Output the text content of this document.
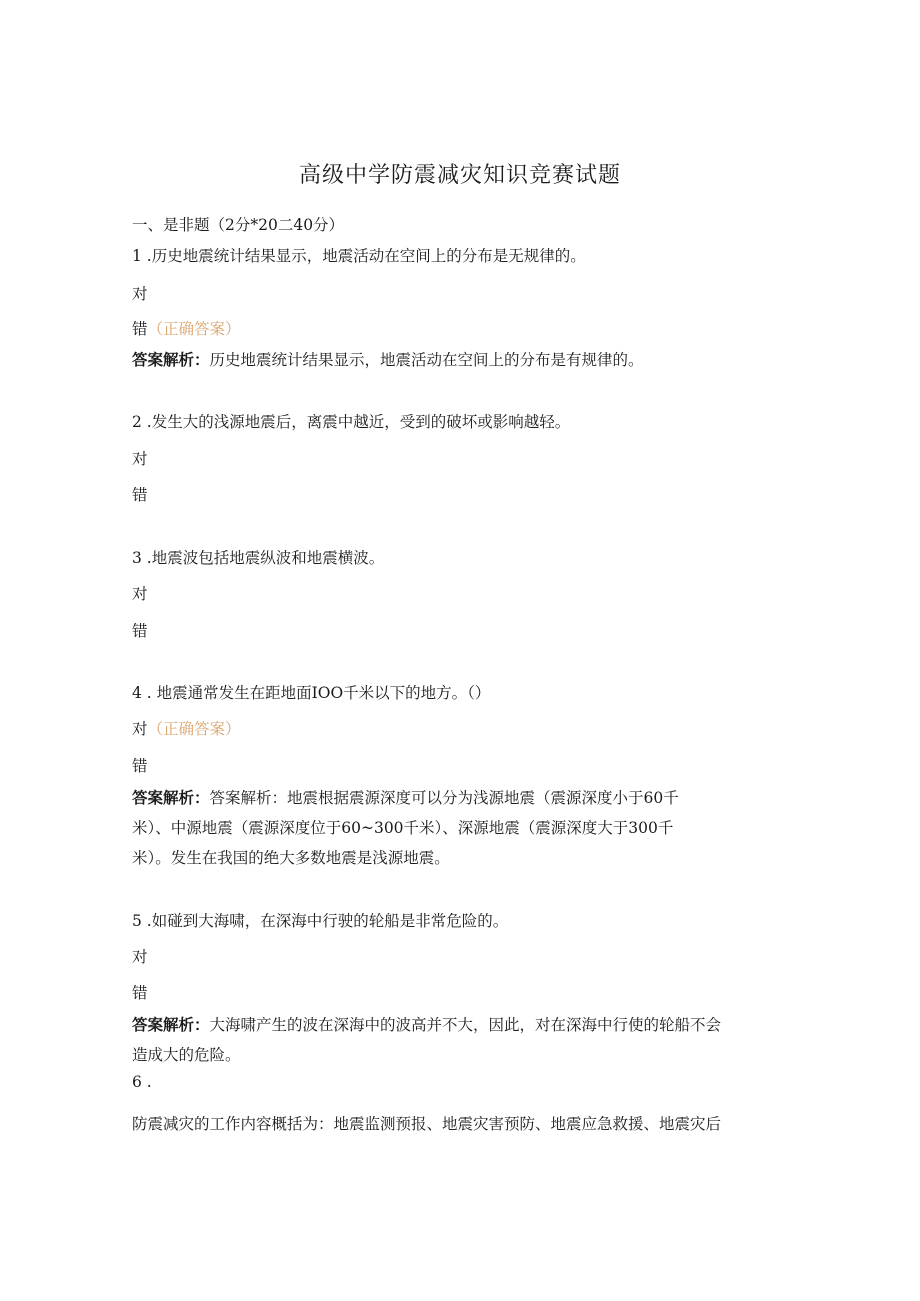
高级中学防震减灾知识竞赛试题
一、是非题（2分*20二40分）
1 .历史地震统计结果显示，地震活动在空间上的分布是无规律的。
对
错（正确答案）
答案解析：历史地震统计结果显示，地震活动在空间上的分布是有规律的。
2 .发生大的浅源地震后，离震中越近，受到的破坏或影响越轻。
对
错
3 .地震波包括地震纵波和地震横波。
对
错
4 . 地震通常发生在距地面IOO千米以下的地方。（）
对（正确答案）
错
答案解析：答案解析：地震根据震源深度可以分为浅源地震（震源深度小于60千
米）、中源地震（震源深度位于60~300千米）、深源地震（震源深度大于300千
米）。发生在我国的绝大多数地震是浅源地震。
5 .如碰到大海啸，在深海中行驶的轮船是非常危险的。
对
错
答案解析：大海啸产生的波在深海中的波高并不大，因此，对在深海中行使的轮船不会
造成大的危险。
6 .
防震减灾的工作内容概括为：地震监测预报、地震灾害预防、地震应急救援、地震灾后
